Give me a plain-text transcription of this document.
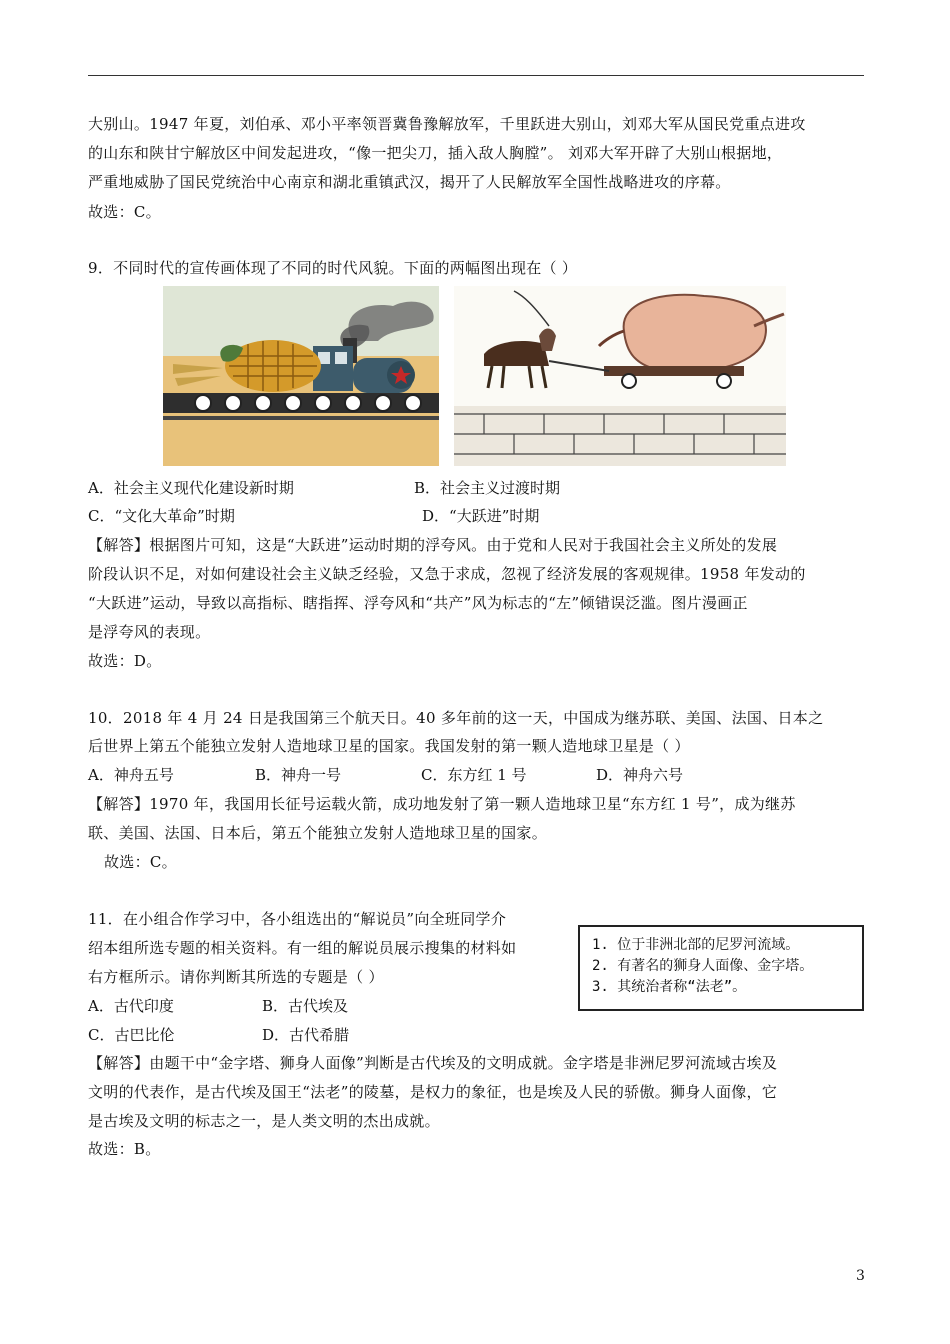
大别山。1947 年夏，刘伯承、邓小平率领晋冀鲁豫解放军，千里跃进大别山，刘邓大军从国民党重点进攻
的山东和陕甘宁解放区中间发起进攻，“像一把尖刀，插入敌人胸膛”。 刘邓大军开辟了大别山根据地，
严重地威胁了国民党统治中心南京和湖北重镇武汉，揭开了人民解放军全国性战略进攻的序幕。
故选：C。
9．不同时代的宣传画体现了不同的时代风貌。下面的两幅图出现在（ ）
A．社会主义现代化建设新时期	B．社会主义过渡时期
C．“文化大革命”时期	D．“大跃进”时期
【解答】根据图片可知，这是“大跃进”运动时期的浮夸风。由于党和人民对于我国社会主义所处的发展
阶段认识不足，对如何建设社会主义缺乏经验，又急于求成，忽视了经济发展的客观规律。1958 年发动的
“大跃进”运动，导致以高指标、瞎指挥、浮夸风和“共产”风为标志的“左”倾错误泛滥。图片漫画正
是浮夸风的表现。
故选：D。
10．2018 年 4 月 24 日是我国第三个航天日。40 多年前的这一天，中国成为继苏联、美国、法国、日本之
后世界上第五个能独立发射人造地球卫星的国家。我国发射的第一颗人造地球卫星是（ ）
A．神舟五号	B．神舟一号	C．东方红 1 号	D．神舟六号
【解答】1970 年，我国用长征号运载火箭，成功地发射了第一颗人造地球卫星“东方红 1 号”，成为继苏
联、美国、法国、日本后，第五个能独立发射人造地球卫星的国家。
故选：C。
11．在小组合作学习中，各小组选出的“解说员”向全班同学介
绍本组所选专题的相关资料。有一组的解说员展示搜集的材料如
右方框所示。请你判断其所选的专题是（ ）
1. 位于非洲北部的尼罗河流域。
2. 有著名的狮身人面像、金字塔。
3. 其统治者称“法老”。
A．古代印度	B．古代埃及
C．古巴比伦	D．古代希腊
【解答】由题干中“金字塔、狮身人面像”判断是古代埃及的文明成就。金字塔是非洲尼罗河流域古埃及
文明的代表作，是古代埃及国王“法老”的陵墓，是权力的象征，也是埃及人民的骄傲。狮身人面像，它
是古埃及文明的标志之一，是人类文明的杰出成就。
故选：B。
3
